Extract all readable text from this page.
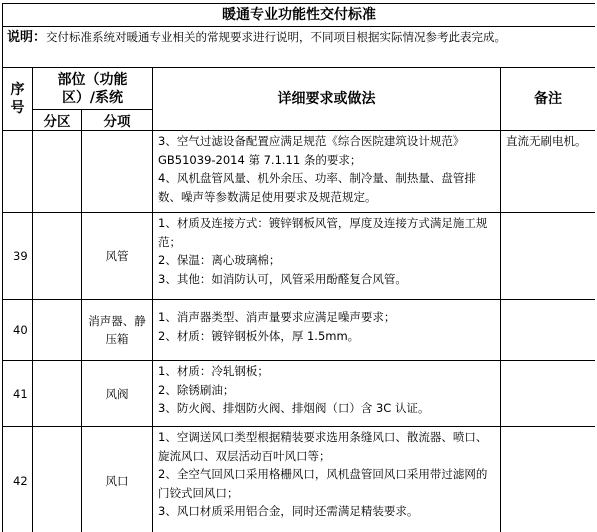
暖通专业功能性交付标准				
说明：交付标准系统对暖通专业相关的常规要求进行说明，不同项目根据实际情况参考此表完成。				
序号	部位（功能区）/系统		详细要求或做法	备注
	分区	分项		

			3、空气过滤设备配置应满足规范《综合医院建筑设计规范》GB51039-2014 第 7.1.11 条的要求；
4、风机盘管风量、机外余压、功率、制冷量、制热量、盘管排数、噪声等参数满足使用要求及规范规定。	直流无刷电机。
39		风管	1、材质及连接方式：镀锌钢板风管，厚度及连接方式满足施工规范；
2、保温：离心玻璃棉；
3、其他：如消防认可，风管采用酚醛复合风管。	

40		消声器、静压箱	1、消声器类型、消声量要求应满足噪声要求；
2、材质：镀锌钢板外体，厚 1.5mm。	

41		风阀	1、材质：冷轧钢板；
2、除锈刷油；
3、防火阀、排烟防火阀、排烟阀（口）含 3C 认证。	

42		风口	1、空调送风口类型根据精装要求选用条缝风口、散流器、喷口、旋流风口、双层活动百叶风口等；
2、全空气回风口采用格栅风口，风机盘管回风口采用带过滤网的门铰式回风口；
3、风口材质采用铝合金，同时还需满足精装要求。	
